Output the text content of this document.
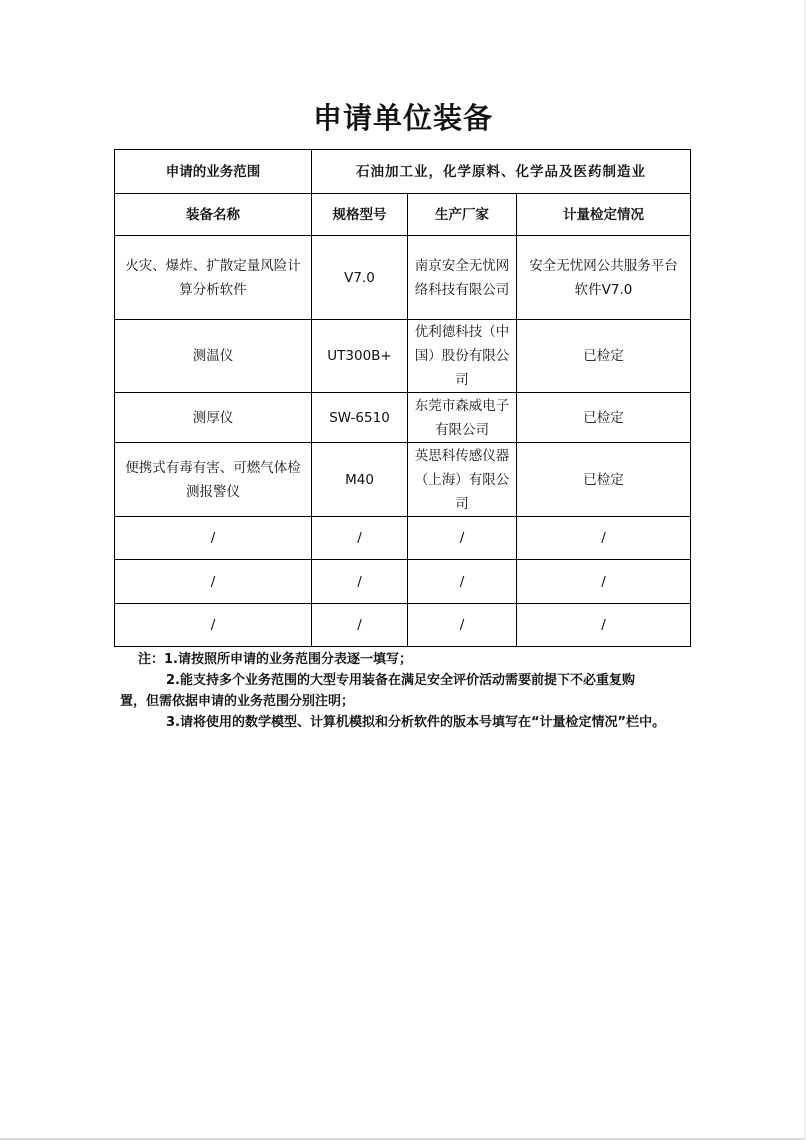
申请单位装备
申请的业务范围	石油加工业，化学原料、化学品及医药制造业		
装备名称	规格型号	生产厂家	计量检定情况
火灾、爆炸、扩散定量风险计算分析软件	V7.0	南京安全无忧网络科技有限公司	安全无忧网公共服务平台软件V7.0
测温仪	UT300B+	优利德科技（中国）股份有限公司	已检定
测厚仪	SW-6510	东莞市森威电子有限公司	已检定
便携式有毒有害、可燃气体检测报警仪	M40	英思科传感仪器（上海）有限公司	已检定
/	/	/	/
/	/	/	/
/	/	/	/
注：1.请按照所申请的业务范围分表逐一填写；
2.能支持多个业务范围的大型专用装备在满足安全评价活动需要前提下不必重复购
置，但需依据申请的业务范围分别注明；
3.请将使用的数学模型、计算机模拟和分析软件的版本号填写在“计量检定情况”栏中。
